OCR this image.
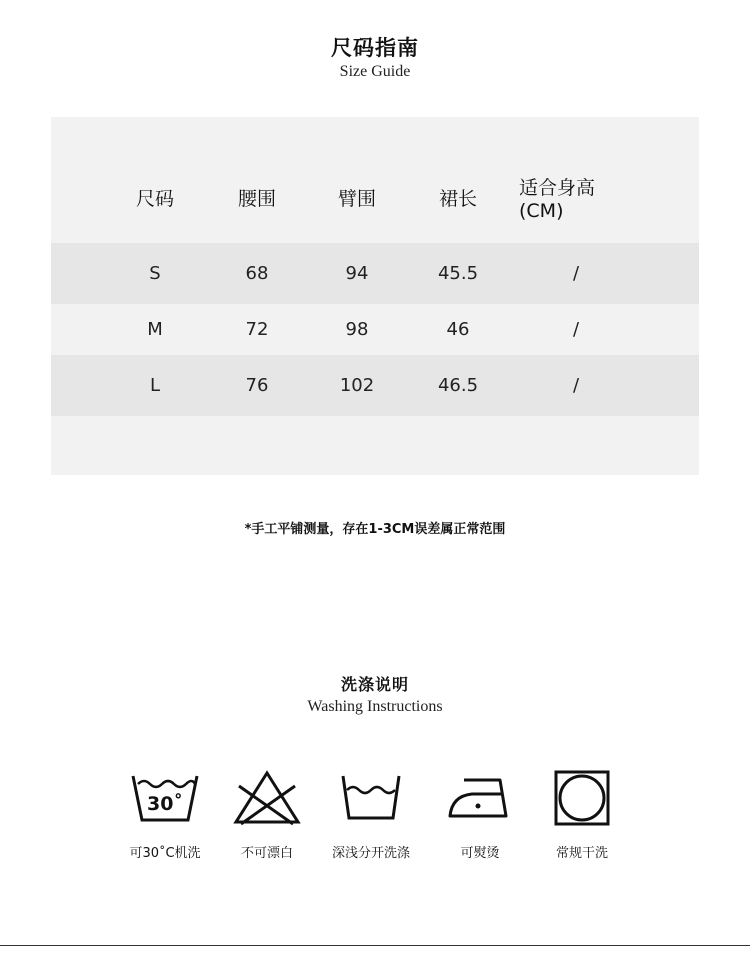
尺码指南
Size Guide
尺码	腰围	臂围	裙长	适合身高(CM)
S	68	94	45.5	/
M	72	98	46	/
L	76	102	46.5	/
*手工平铺测量，存在1-3CM误差属正常范围
洗涤说明
Washing Instructions
30˚
可30˚C机洗	不可漂白	深浅分开洗涤	可熨烫	常规干洗
